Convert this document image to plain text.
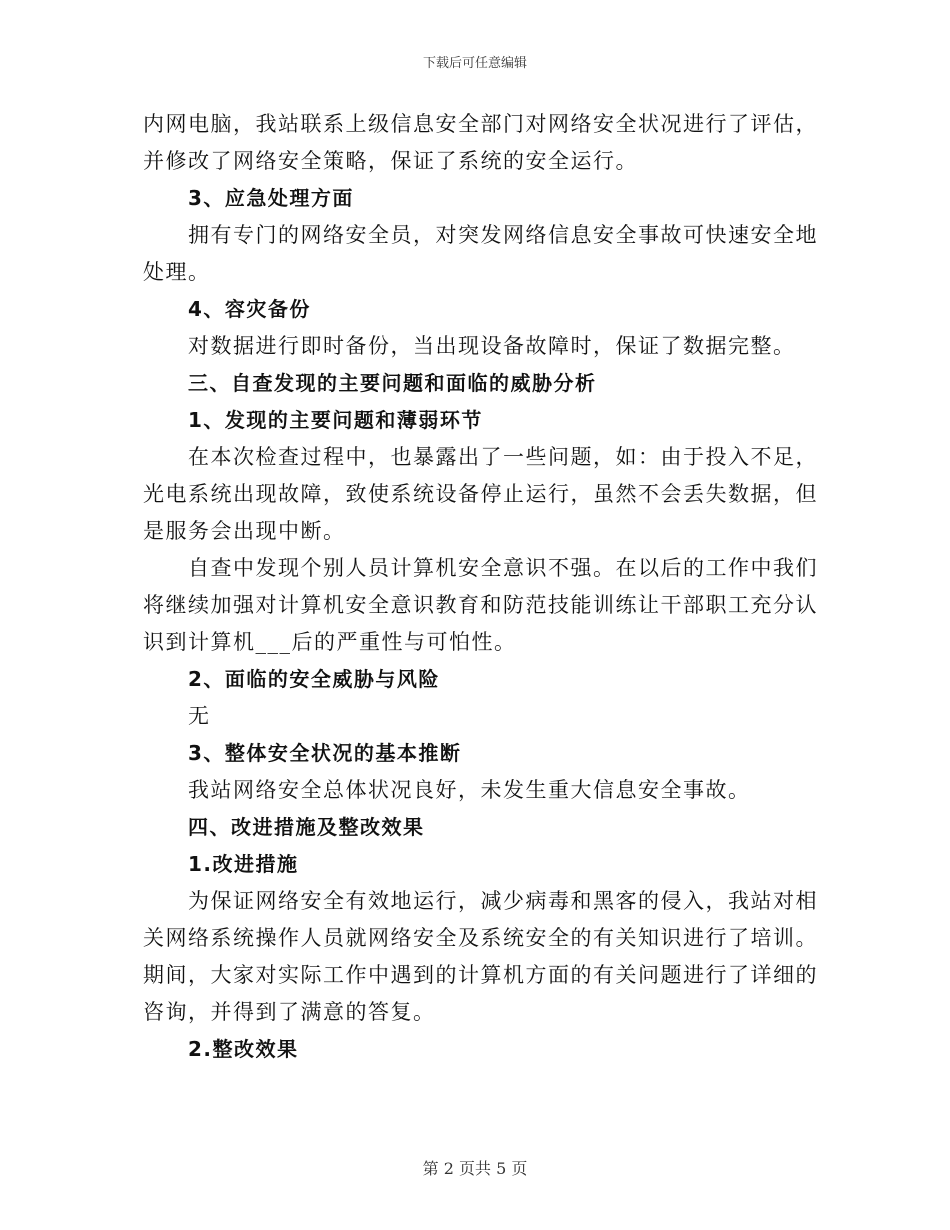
下载后可任意编辑
内网电脑，我站联系上级信息安全部门对网络安全状况进行了评估，
并修改了网络安全策略，保证了系统的安全运行。
3、应急处理方面
拥有专门的网络安全员，对突发网络信息安全事故可快速安全地
处理。
4、容灾备份
对数据进行即时备份，当出现设备故障时，保证了数据完整。
三、自查发现的主要问题和面临的威胁分析
1、发现的主要问题和薄弱环节
在本次检查过程中，也暴露出了一些问题，如：由于投入不足，
光电系统出现故障，致使系统设备停止运行，虽然不会丢失数据，但
是服务会出现中断。
自查中发现个别人员计算机安全意识不强。在以后的工作中我们
将继续加强对计算机安全意识教育和防范技能训练让干部职工充分认
识到计算机___后的严重性与可怕性。
2、面临的安全威胁与风险
无
3、整体安全状况的基本推断
我站网络安全总体状况良好，未发生重大信息安全事故。
四、改进措施及整改效果
1.改进措施
为保证网络安全有效地运行，减少病毒和黑客的侵入，我站对相
关网络系统操作人员就网络安全及系统安全的有关知识进行了培训。
期间，大家对实际工作中遇到的计算机方面的有关问题进行了详细的
咨询，并得到了满意的答复。
2.整改效果
第 2 页共 5 页
